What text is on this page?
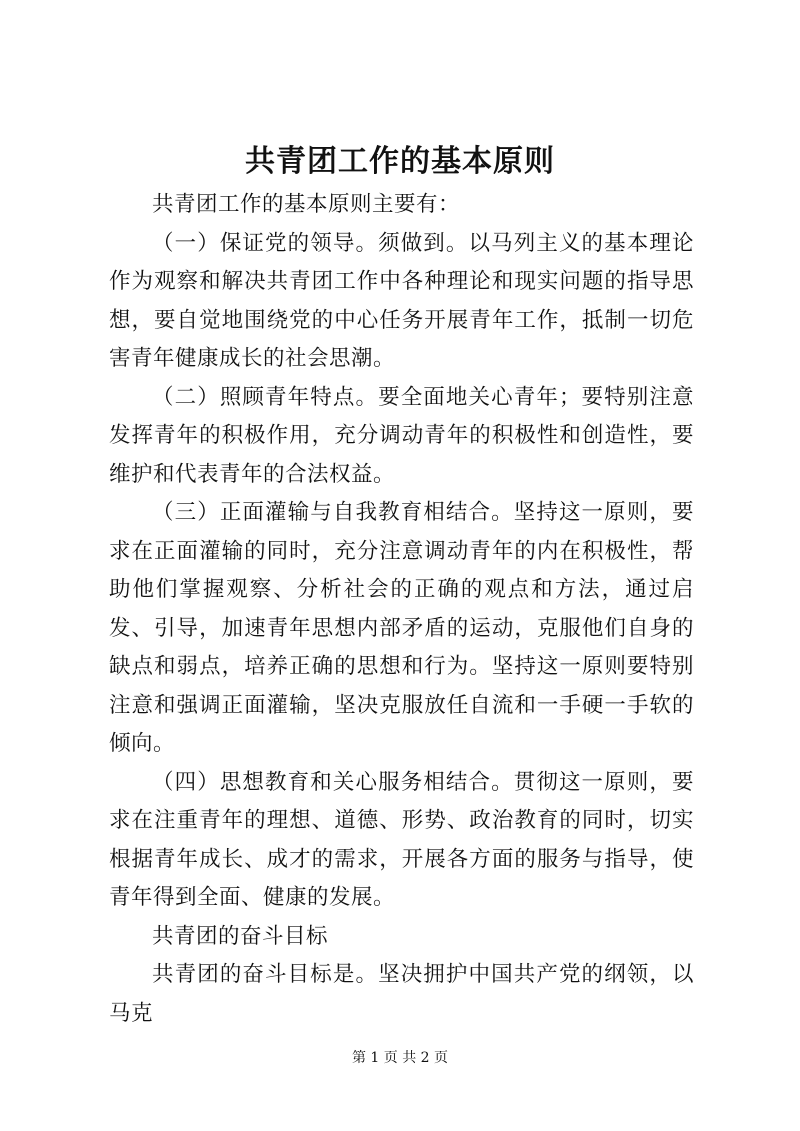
共青团工作的基本原则

共青团工作的基本原则主要有：

（一）保证党的领导。须做到。以马列主义的基本理论作为观察和解决共青团工作中各种理论和现实问题的指导思想，要自觉地围绕党的中心任务开展青年工作，抵制一切危害青年健康成长的社会思潮。

（二）照顾青年特点。要全面地关心青年；要特别注意发挥青年的积极作用，充分调动青年的积极性和创造性，要维护和代表青年的合法权益。

（三）正面灌输与自我教育相结合。坚持这一原则，要求在正面灌输的同时，充分注意调动青年的内在积极性，帮助他们掌握观察、分析社会的正确的观点和方法，通过启发、引导，加速青年思想内部矛盾的运动，克服他们自身的缺点和弱点，培养正确的思想和行为。坚持这一原则要特别注意和强调正面灌输，坚决克服放任自流和一手硬一手软的倾向。

（四）思想教育和关心服务相结合。贯彻这一原则，要求在注重青年的理想、道德、形势、政治教育的同时，切实根据青年成长、成才的需求，开展各方面的服务与指导，使青年得到全面、健康的发展。

共青团的奋斗目标

共青团的奋斗目标是。坚决拥护中国共产党的纲领，以马克

第 1 页 共 2 页
